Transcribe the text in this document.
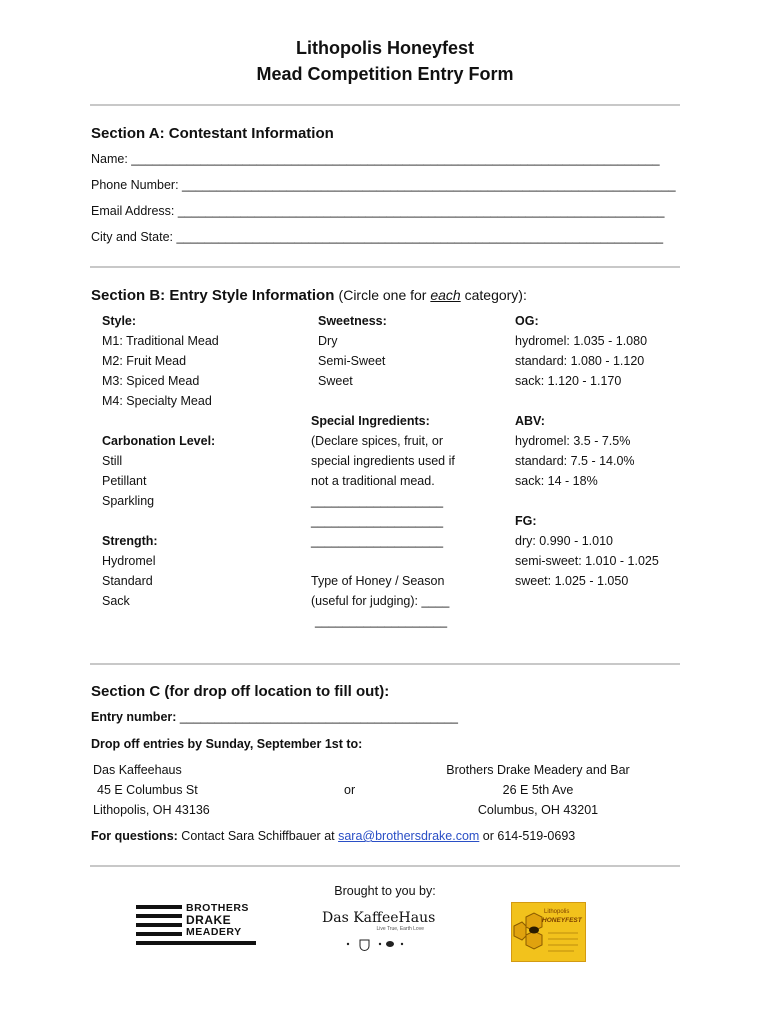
Lithopolis Honeyfest
Mead Competition Entry Form
Section A: Contestant Information
Name: ____________________________________________________________________________
Phone Number: _______________________________________________________________________
Email Address: ______________________________________________________________________
City and State: ______________________________________________________________________
Section B: Entry Style Information (Circle one for each category):
Style:
M1: Traditional Mead
M2: Fruit Mead
M3: Spiced Mead
M4: Specialty Mead

Carbonation Level:
Still
Petillant
Sparkling

Strength:
Hydromel
Standard
Sack
Sweetness:
Dry
Semi-Sweet
Sweet
Special Ingredients:
(Declare spices, fruit, or
special ingredients used if
not a traditional mead.
___________________
___________________
___________________

Type of Honey / Season
(useful for judging): ____
___________________
OG:
hydromel: 1.035 - 1.080
standard: 1.080 - 1.120
sack: 1.120 - 1.170

ABV:
hydromel: 3.5 - 7.5%
standard: 7.5 - 14.0%
sack: 14 - 18%

FG:
dry: 0.990 - 1.010
semi-sweet: 1.010 - 1.025
sweet: 1.025 - 1.050
Section C (for drop off location to fill out):
Entry number: ________________________________________
Drop off entries by Sunday, September 1st to:
Das Kaffeehaus
45 E Columbus St
Lithopolis, OH 43136
or
Brothers Drake Meadery and Bar
26 E 5th Ave
Columbus, OH 43201
For questions: Contact Sara Schiffbauer at sara@brothersdrake.com or 614-519-0693
Brought to you by:
BROTHERS
DRAKE
MEADERY
Das KaffeeHaus
Live True, Earth Love
Lithopolis
HONEYFEST
